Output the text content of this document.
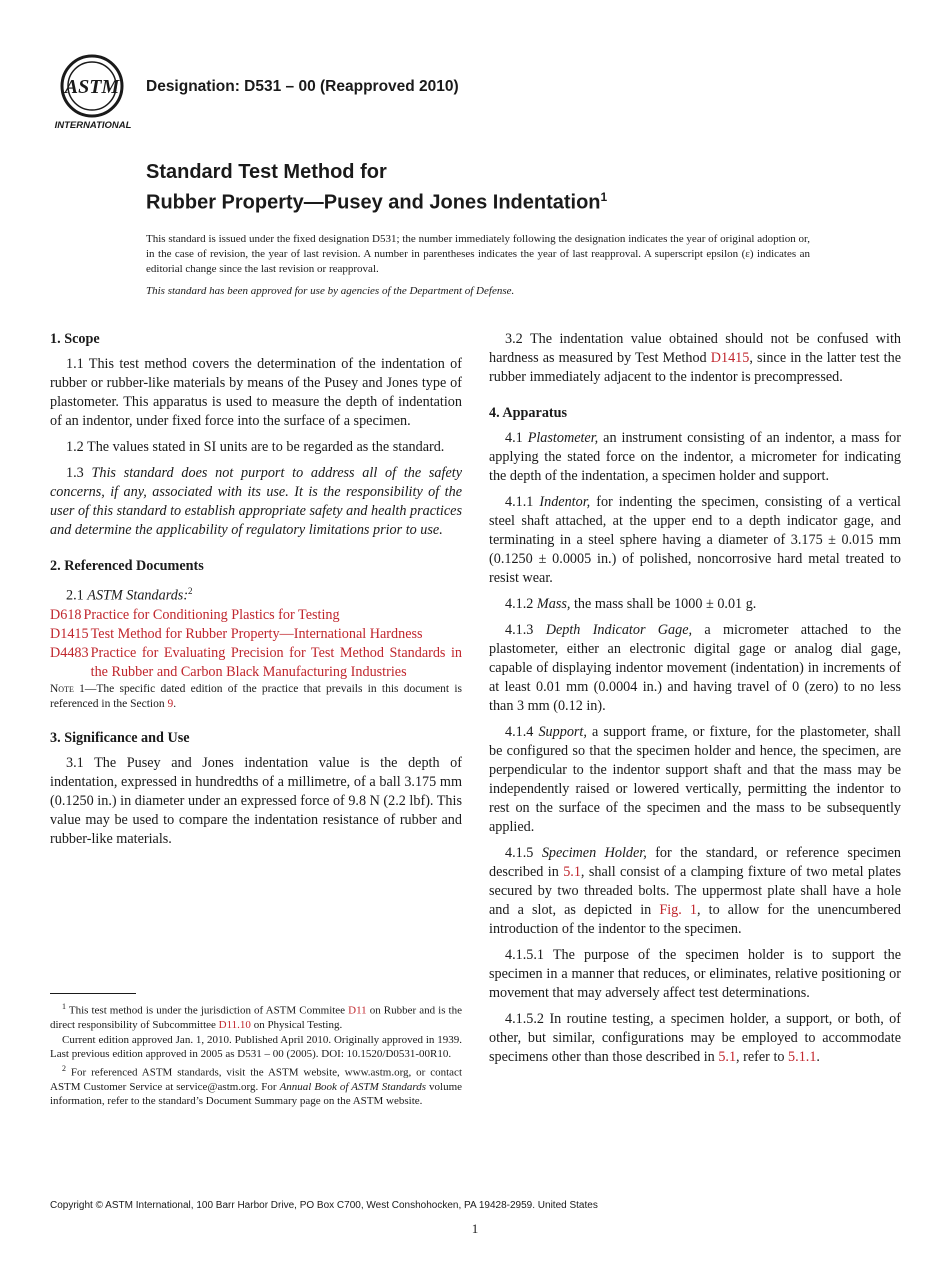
ASTM
INTERNATIONAL
Designation: D531 – 00 (Reapproved 2010)
Standard Test Method for
Rubber Property—Pusey and Jones Indentation$^1$
This standard is issued under the fixed designation D531; the number immediately following the designation indicates the year of original adoption or, in the case of revision, the year of last revision. A number in parentheses indicates the year of last reapproval. A superscript epsilon (ε) indicates an editorial change since the last revision or reapproval.
This standard has been approved for use by agencies of the Department of Defense.
1. Scope

1.1 This test method covers the determination of the indentation of rubber or rubber-like materials by means of the Pusey and Jones type of plastometer. This apparatus is used to measure the depth of indentation of an indentor, under fixed force into the surface of a specimen.

1.2 The values stated in SI units are to be regarded as the standard.

1.3 This standard does not purport to address all of the safety concerns, if any, associated with its use. It is the responsibility of the user of this standard to establish appropriate safety and health practices and determine the applicability of regulatory limitations prior to use.

2. Referenced Documents

2.1 ASTM Standards:$^2$

D618 Practice for Conditioning Plastics for Testing
D1415 Test Method for Rubber Property—International Hardness
D4483 Practice for Evaluating Precision for Test Method Standards in the Rubber and Carbon Black Manufacturing Industries

Note 1—The specific dated edition of the practice that prevails in this document is referenced in the Section 9.

3. Significance and Use

3.1 The Pusey and Jones indentation value is the depth of indentation, expressed in hundredths of a millimetre, of a ball 3.175 mm (0.1250 in.) in diameter under an expressed force of 9.8 N (2.2 lbf). This value may be used to compare the indentation resistance of rubber and rubber-like materials.

$^1$ This test method is under the jurisdiction of ASTM Commitee D11 on Rubber and is the direct responsibility of Subcommittee D11.10 on Physical Testing.

Current edition approved Jan. 1, 2010. Published April 2010. Originally approved in 1939. Last previous edition approved in 2005 as D531 – 00 (2005). DOI: 10.1520/D0531-00R10.

$^2$ For referenced ASTM standards, visit the ASTM website, www.astm.org, or contact ASTM Customer Service at service@astm.org. For Annual Book of ASTM Standards volume information, refer to the standard’s Document Summary page on the ASTM website.

3.2 The indentation value obtained should not be confused with hardness as measured by Test Method D1415, since in the latter test the rubber immediately adjacent to the indentor is precompressed.

4. Apparatus

4.1 Plastometer, an instrument consisting of an indentor, a mass for applying the stated force on the indentor, a micrometer for indicating the depth of the indentation, a specimen holder and support.

4.1.1 Indentor, for indenting the specimen, consisting of a vertical steel shaft attached, at the upper end to a depth indicator gage, and terminating in a steel sphere having a diameter of 3.175 ± 0.015 mm (0.1250 ± 0.0005 in.) of polished, noncorrosive hard metal treated to resist wear.

4.1.2 Mass, the mass shall be 1000 ± 0.01 g.

4.1.3 Depth Indicator Gage, a micrometer attached to the plastometer, either an electronic digital gage or analog dial gage, capable of displaying indentor movement (indentation) in increments of at least 0.01 mm (0.0004 in.) and having travel of 0 (zero) to no less than 3 mm (0.12 in).

4.1.4 Support, a support frame, or fixture, for the plastometer, shall be configured so that the specimen holder and hence, the specimen, are perpendicular to the indentor support shaft and that the mass may be independently raised or lowered vertically, permitting the indentor to rest on the surface of the specimen and the mass to be subsequently applied.

4.1.5 Specimen Holder, for the standard, or reference specimen described in 5.1, shall consist of a clamping fixture of two metal plates secured by two threaded bolts. The uppermost plate shall have a hole and a slot, as depicted in Fig. 1, to allow for the unencumbered introduction of the indentor to the specimen.

4.1.5.1 The purpose of the specimen holder is to support the specimen in a manner that reduces, or eliminates, relative positioning or movement that may adversely affect test determinations.

4.1.5.2 In routine testing, a specimen holder, a support, or both, of other, but similar, configurations may be employed to accommodate specimens other than those described in 5.1, refer to 5.1.1.

Copyright © ASTM International, 100 Barr Harbor Drive, PO Box C700, West Conshohocken, PA 19428-2959. United States
1
